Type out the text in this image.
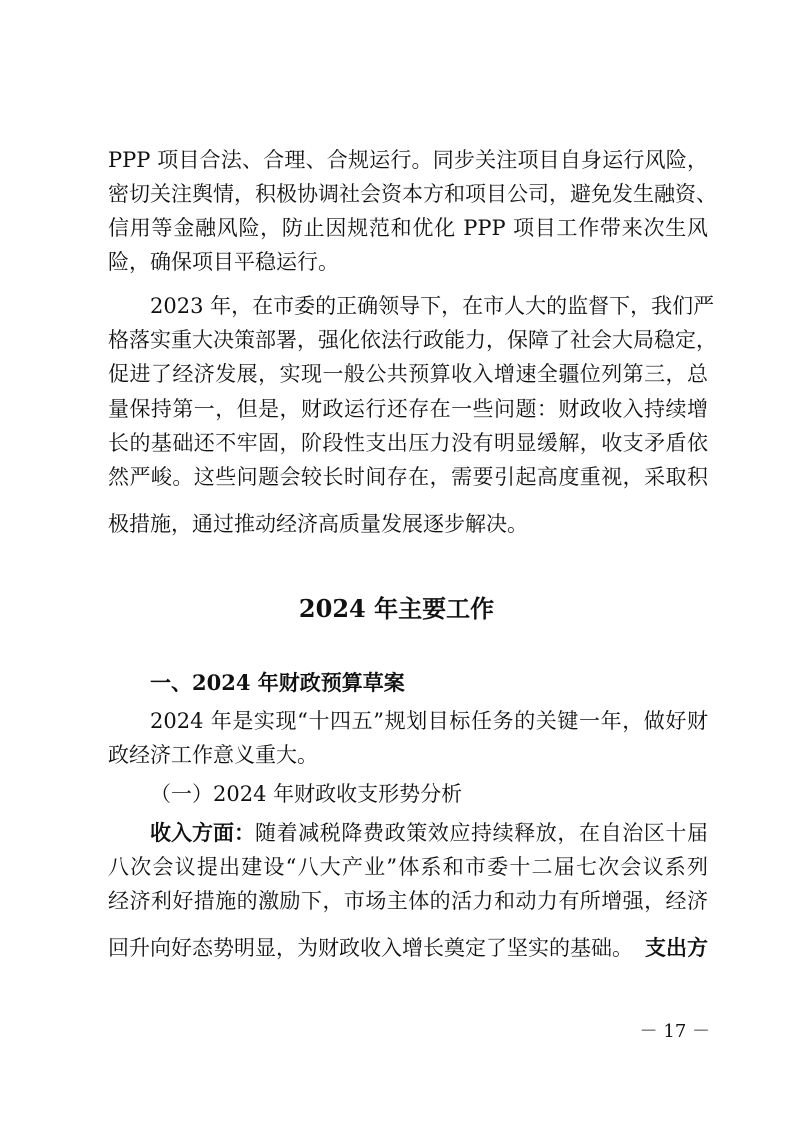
PPP 项目合法、合理、合规运行。同步关注项目自身运行风险，
密切关注舆情，积极协调社会资本方和项目公司，避免发生融资、
信用等金融风险，防止因规范和优化 PPP 项目工作带来次生风
险，确保项目平稳运行。
2023 年，在市委的正确领导下，在市人大的监督下，我们严
格落实重大决策部署，强化依法行政能力，保障了社会大局稳定，
促进了经济发展，实现一般公共预算收入增速全疆位列第三，总
量保持第一，但是，财政运行还存在一些问题：财政收入持续增
长的基础还不牢固，阶段性支出压力没有明显缓解，收支矛盾依
然严峻。这些问题会较长时间存在，需要引起高度重视，采取积
极措施，通过推动经济高质量发展逐步解决。
2024 年主要工作
一、2024 年财政预算草案
2024 年是实现“十四五”规划目标任务的关键一年，做好财
政经济工作意义重大。
（一）2024 年财政收支形势分析
收入方面： 随着减税降费政策效应持续释放，在自治区十届
八次会议提出建设“八大产业”体系和市委十二届七次会议系列
经济利好措施的激励下，市场主体的活力和动力有所增强，经济
回升向好态势明显，为财政收入增长奠定了坚实的基础。 支出方
－ 17 －
